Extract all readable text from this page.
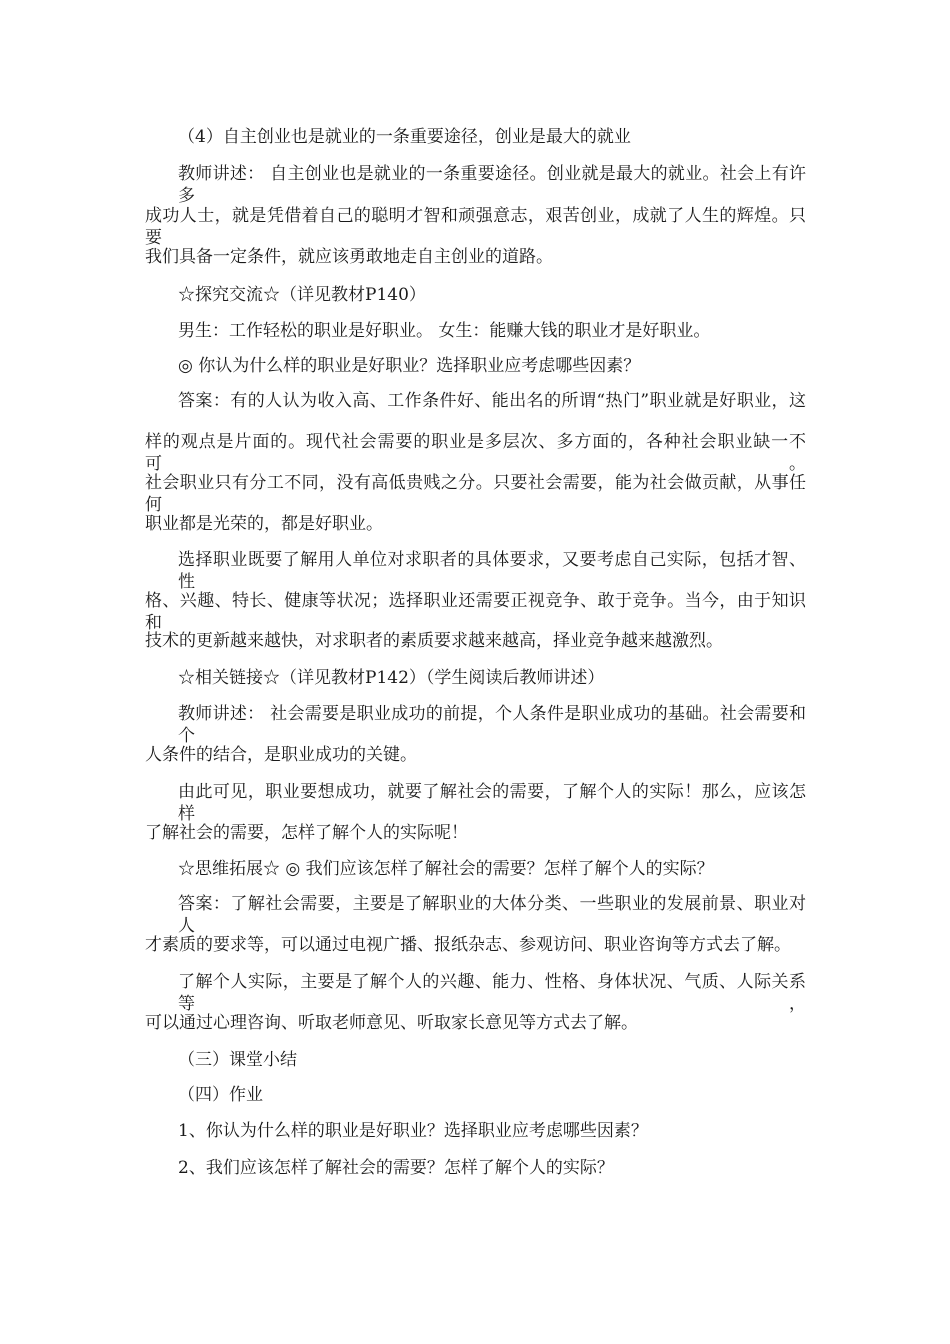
（4）自主创业也是就业的一条重要途径，创业是最大的就业
教师讲述： 自主创业也是就业的一条重要途径。创业就是最大的就业。社会上有许多
成功人士，就是凭借着自己的聪明才智和顽强意志，艰苦创业，成就了人生的辉煌。只要
我们具备一定条件，就应该勇敢地走自主创业的道路。
☆探究交流☆（详见教材P140）
男生：工作轻松的职业是好职业。 女生：能赚大钱的职业才是好职业。
◎ 你认为什么样的职业是好职业？选择职业应考虑哪些因素？
答案：有的人认为收入高、工作条件好、能出名的所谓“热门”职业就是好职业，这
样的观点是片面的。现代社会需要的职业是多层次、多方面的，各种社会职业缺一不可。
社会职业只有分工不同，没有高低贵贱之分。只要社会需要，能为社会做贡献，从事任何
职业都是光荣的，都是好职业。
选择职业既要了解用人单位对求职者的具体要求，又要考虑自己实际，包括才智、性
格、兴趣、特长、健康等状况；选择职业还需要正视竞争、敢于竞争。当今，由于知识和
技术的更新越来越快，对求职者的素质要求越来越高，择业竞争越来越激烈。
☆相关链接☆（详见教材P142）（学生阅读后教师讲述）
教师讲述： 社会需要是职业成功的前提，个人条件是职业成功的基础。社会需要和个
人条件的结合，是职业成功的关键。
由此可见，职业要想成功，就要了解社会的需要，了解个人的实际！那么，应该怎样
了解社会的需要，怎样了解个人的实际呢！
☆思维拓展☆ ◎ 我们应该怎样了解社会的需要？怎样了解个人的实际？
答案：了解社会需要，主要是了解职业的大体分类、一些职业的发展前景、职业对人
才素质的要求等，可以通过电视广播、报纸杂志、参观访问、职业咨询等方式去了解。
了解个人实际，主要是了解个人的兴趣、能力、性格、身体状况、气质、人际关系等，
可以通过心理咨询、听取老师意见、听取家长意见等方式去了解。
（三）课堂小结
（四）作业
1、你认为什么样的职业是好职业？选择职业应考虑哪些因素？
2、我们应该怎样了解社会的需要？怎样了解个人的实际？
